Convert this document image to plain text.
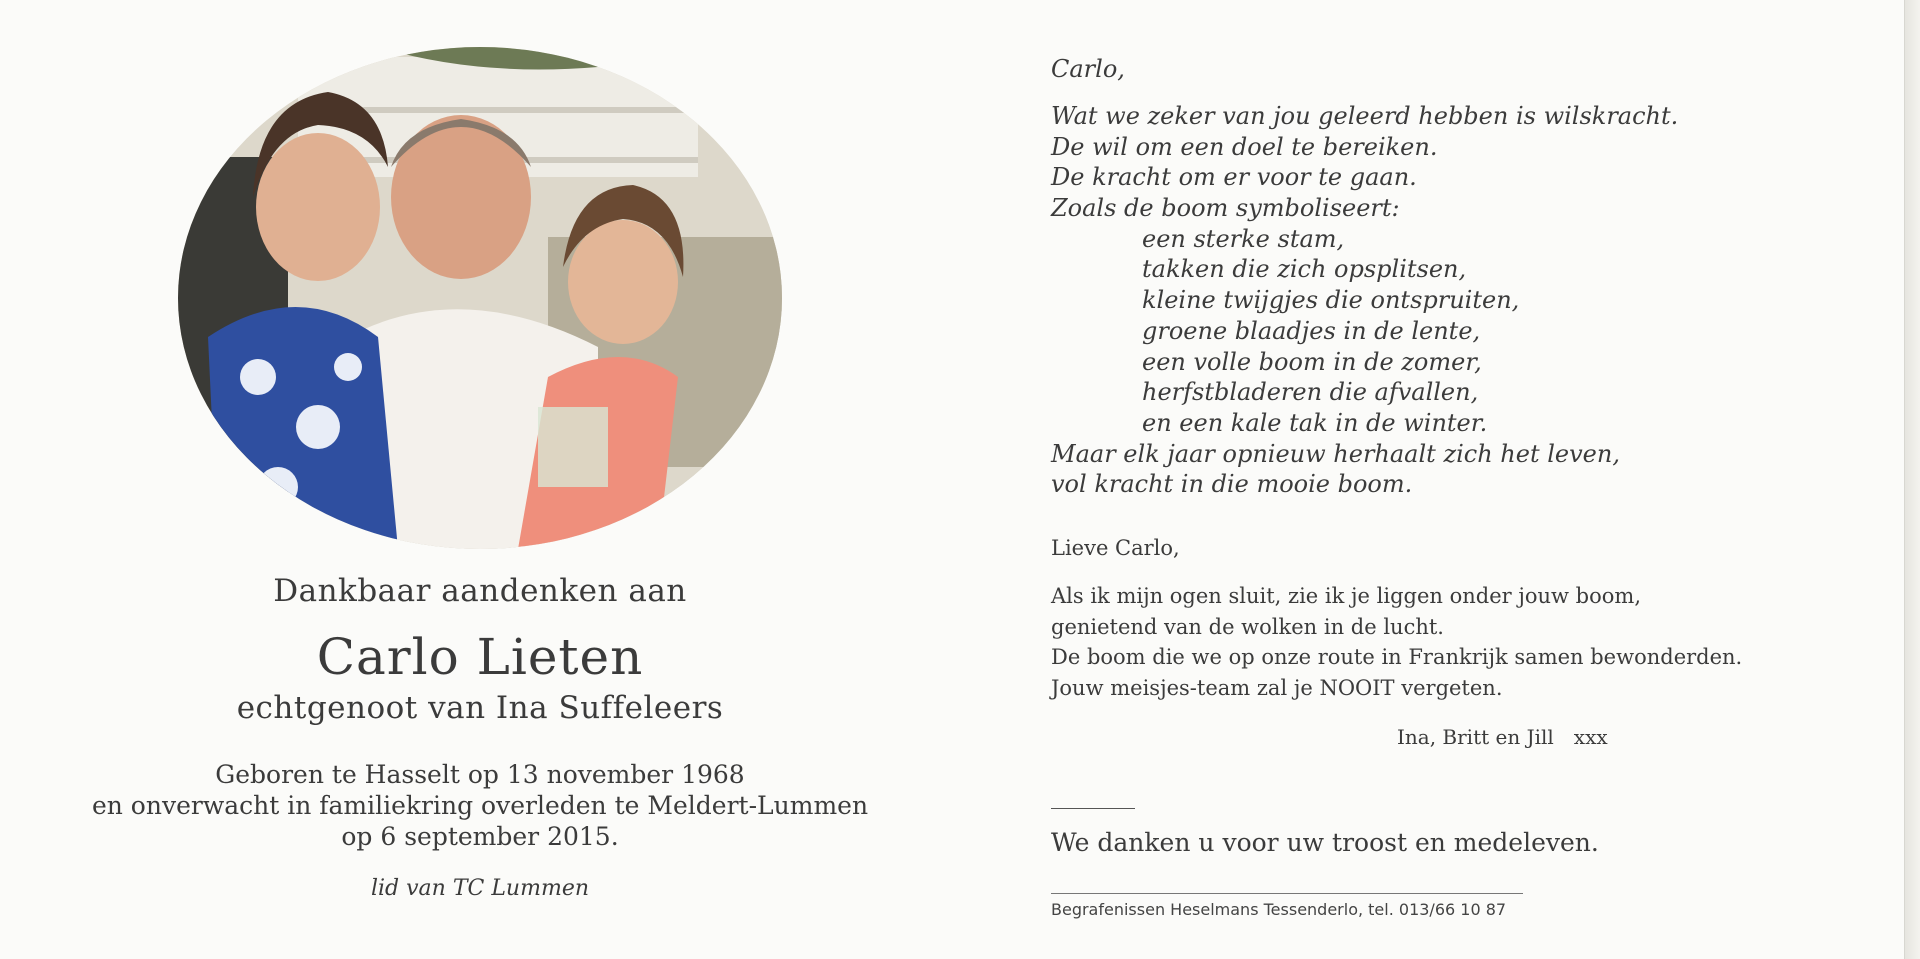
Dankbaar aandenken aan
Carlo Lieten

echtgenoot van Ina Suffeleers

Geboren te Hasselt op 13 november 1968
en onverwacht in familiekring overleden te Meldert-Lummen
op 6 september 2015.

lid van TC Lummen

Carlo,
Wat we zeker van jou geleerd hebben is wilskracht.
De wil om een doel te bereiken.
De kracht om er voor te gaan.
Zoals de boom symboliseert:
een sterke stam,
takken die zich opsplitsen,
kleine twijgjes die ontspruiten,
groene blaadjes in de lente,
een volle boom in de zomer,
herfstbladeren die afvallen,
en een kale tak in de winter.
Maar elk jaar opnieuw herhaalt zich het leven,
vol kracht in die mooie boom.
Lieve Carlo,
Als ik mijn ogen sluit, zie ik je liggen onder jouw boom,
genietend van de wolken in de lucht.
De boom die we op onze route in Frankrijk samen bewonderden.
Jouw meisjes-team zal je NOOIT vergeten.
Ina, Britt en Jill xxx
We danken u voor uw troost en medeleven.
Begrafenissen Heselmans Tessenderlo, tel. 013/66 10 87
